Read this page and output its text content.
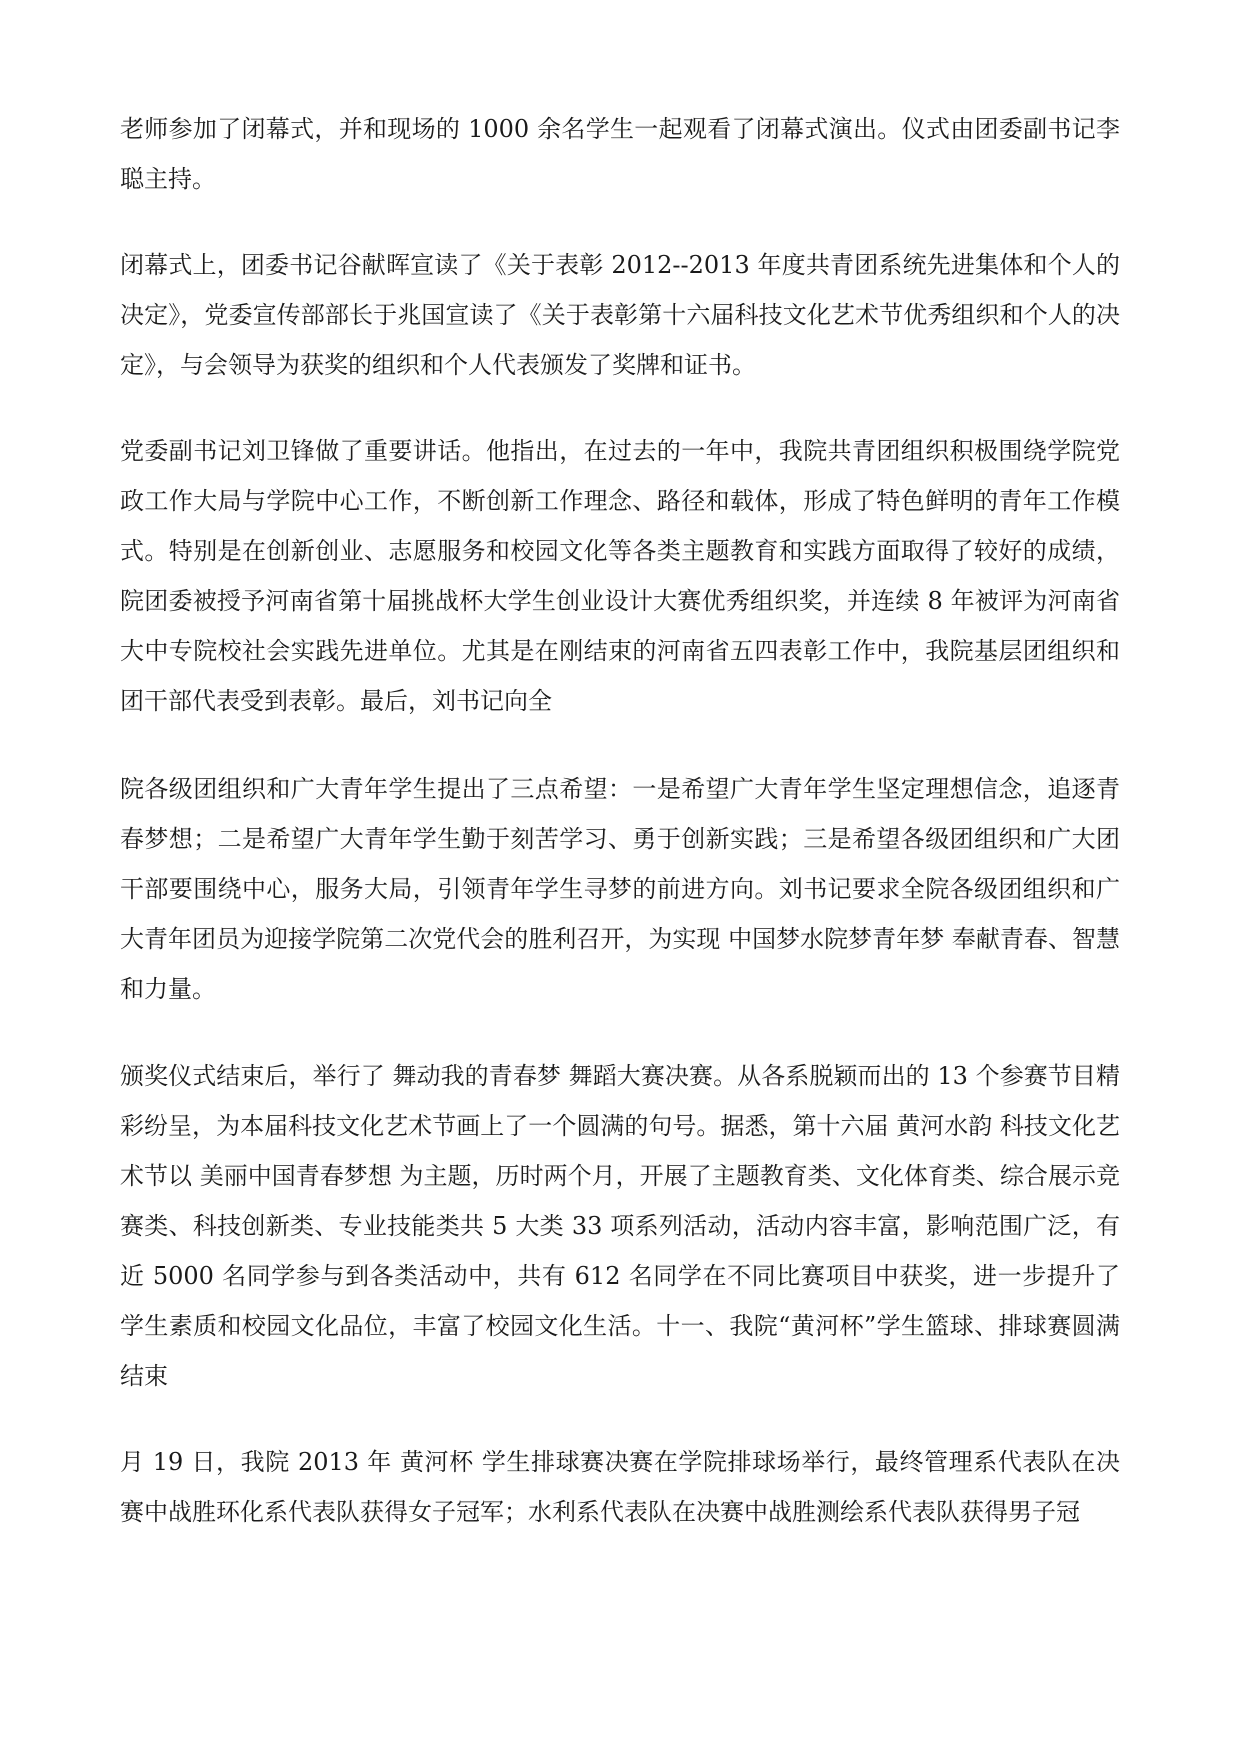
老师参加了闭幕式，并和现场的 1000 余名学生一起观看了闭幕式演出。仪式由团委副书记李聪主持。

闭幕式上，团委书记谷献晖宣读了《关于表彰 2012--2013 年度共青团系统先进集体和个人的决定》，党委宣传部部长于兆国宣读了《关于表彰第十六届科技文化艺术节优秀组织和个人的决定》，与会领导为获奖的组织和个人代表颁发了奖牌和证书。

党委副书记刘卫锋做了重要讲话。他指出，在过去的一年中，我院共青团组织积极围绕学院党政工作大局与学院中心工作，不断创新工作理念、路径和载体，形成了特色鲜明的青年工作模式。特别是在创新创业、志愿服务和校园文化等各类主题教育和实践方面取得了较好的成绩，院团委被授予河南省第十届挑战杯大学生创业设计大赛优秀组织奖，并连续 8 年被评为河南省大中专院校社会实践先进单位。尤其是在刚结束的河南省五四表彰工作中，我院基层团组织和团干部代表受到表彰。最后，刘书记向全

院各级团组织和广大青年学生提出了三点希望：一是希望广大青年学生坚定理想信念，追逐青春梦想；二是希望广大青年学生勤于刻苦学习、勇于创新实践；三是希望各级团组织和广大团干部要围绕中心，服务大局，引领青年学生寻梦的前进方向。刘书记要求全院各级团组织和广大青年团员为迎接学院第二次党代会的胜利召开，为实现 中国梦水院梦青年梦 奉献青春、智慧和力量。

颁奖仪式结束后，举行了 舞动我的青春梦 舞蹈大赛决赛。从各系脱颖而出的 13 个参赛节目精彩纷呈，为本届科技文化艺术节画上了一个圆满的句号。据悉，第十六届 黄河水韵 科技文化艺术节以 美丽中国青春梦想 为主题，历时两个月，开展了主题教育类、文化体育类、综合展示竞赛类、科技创新类、专业技能类共 5 大类 33 项系列活动，活动内容丰富，影响范围广泛，有近 5000 名同学参与到各类活动中，共有 612 名同学在不同比赛项目中获奖，进一步提升了学生素质和校园文化品位，丰富了校园文化生活。十一、我院“黄河杯”学生篮球、排球赛圆满结束

月 19 日，我院 2013 年 黄河杯 学生排球赛决赛在学院排球场举行，最终管理系代表队在决赛中战胜环化系代表队获得女子冠军；水利系代表队在决赛中战胜测绘系代表队获得男子冠
